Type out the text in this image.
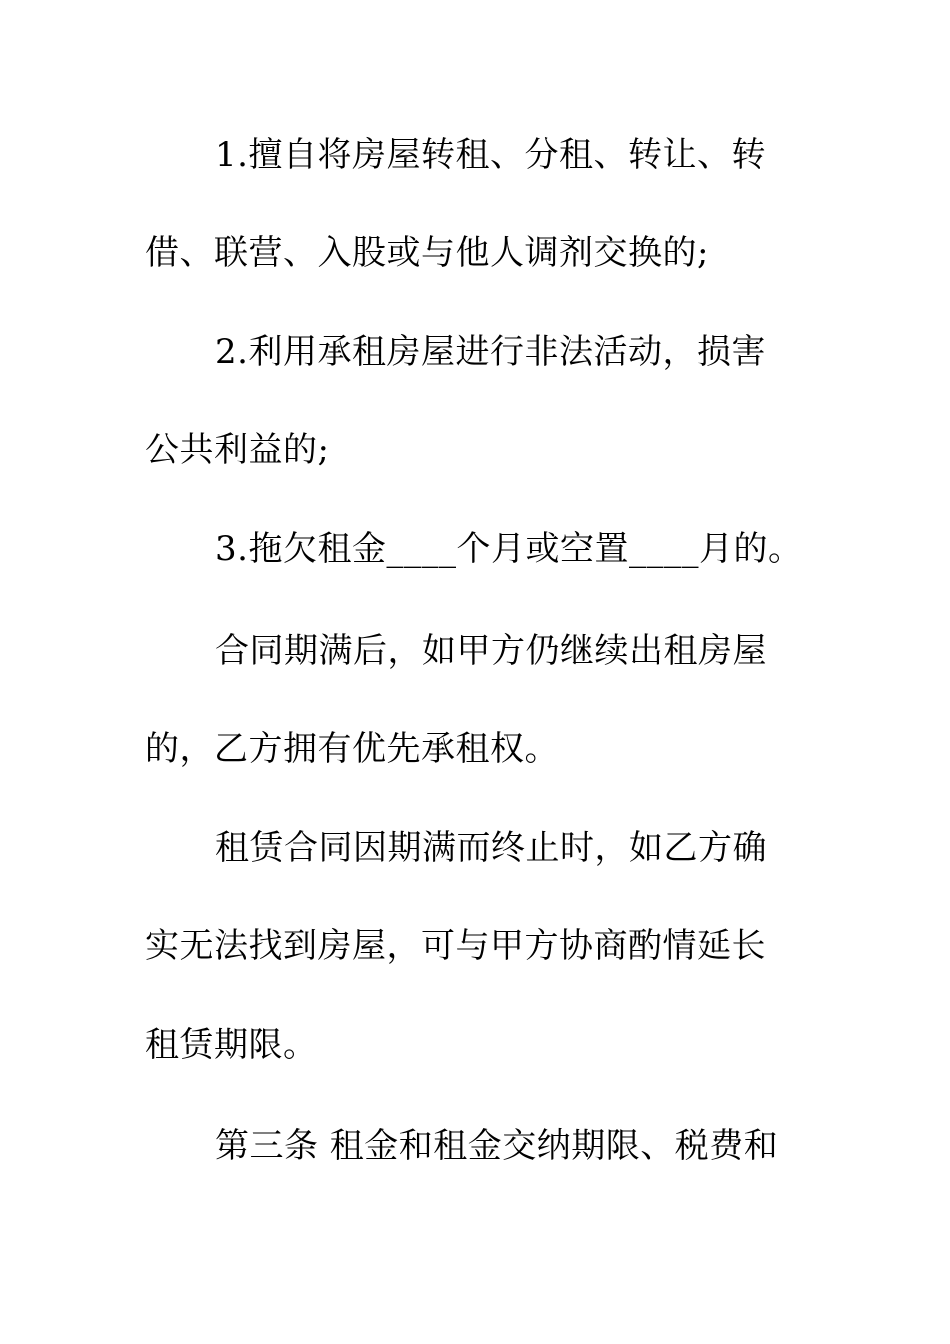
1.擅自将房屋转租、分租、转让、转
借、联营、入股或与他人调剂交换的;
2.利用承租房屋进行非法活动，损害
公共利益的;
3.拖欠租金____个月或空置____月的。
合同期满后，如甲方仍继续出租房屋
的，乙方拥有优先承租权。
租赁合同因期满而终止时，如乙方确
实无法找到房屋，可与甲方协商酌情延长
租赁期限。
第三条 租金和租金交纳期限、税费和
